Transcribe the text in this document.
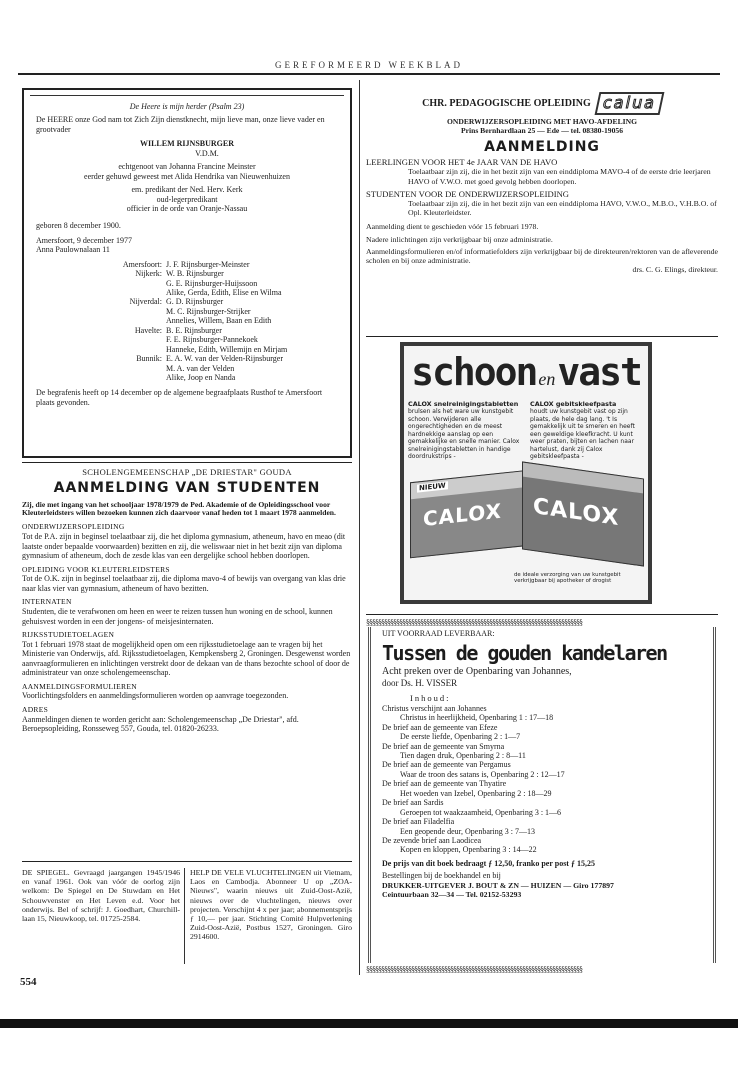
GEREFORMEERD WEEKBLAD

De Heere is mijn herder (Psalm 23)

De HEERE onze God nam tot Zich Zijn dienstknecht, mijn lieve man, onze lieve vader en grootvader

WILLEM RIJNSBURGER

V.D.M.

echtgenoot van Johanna Francine Meinster

eerder gehuwd geweest met Alida Hendrika van Nieuwenhuizen

em. predikant der Ned. Herv. Kerk

oud-legerpredikant

officier in de orde van Oranje-Nassau

geboren 8 december 1900.

Amersfoort, 9 december 1977

Anna Paulownalaan 11

Amersfoort:	J. F. Rijnsburger-Meinster

Nijkerk:	W. B. Rijnsburger
G. E. Rijnsburger-Huijssoon
Alike, Gerda, Edith, Elise en Wilma

Nijverdal:	G. D. Rijnsburger
M. C. Rijnsburger-Strijker
Annelies, Willem, Baan en Edith

Havelte:	B. E. Rijnsburger
F. E. Rijnsburger-Pannekoek
Hanneke, Edith, Willemijn en Mirjam

Bunnik:	E. A. W. van der Velden-Rijnsburger
M. A. van der Velden
Alike, Joop en Nanda

De begrafenis heeft op 14 december op de algemene begraafplaats Rusthof te Amersfoort plaats gevonden.

SCHOLENGEMEENSCHAP „DE DRIESTAR" GOUDA

AANMELDING VAN STUDENTEN

Zij, die met ingang van het schooljaar 1978/1979 de Ped. Akademie of de Opleidingsschool voor Kleuterleidsters willen bezoeken kunnen zich daarvoor vanaf heden tot 1 maart 1978 aanmelden.

ONDERWIJZERSOPLEIDING

Tot de P.A. zijn in beginsel toelaatbaar zij, die het diploma gymnasium, atheneum, havo en meao (dit laatste onder bepaalde voorwaarden) bezitten en zij, die weliswaar niet in het bezit zijn van diploma gymnasium of atheneum, doch de zesde klas van een dergelijke school hebben doorlopen.

OPLEIDING VOOR KLEUTERLEIDSTERS

Tot de O.K. zijn in beginsel toelaatbaar zij, die diploma mavo-4 of bewijs van overgang van klas drie naar klas vier van gymnasium, atheneum of havo bezitten.

INTERNATEN

Studenten, die te verafwonen om heen en weer te reizen tussen hun woning en de school, kunnen gehuisvest worden in een der jongens- of meisjesinternaten.

RIJKSSTUDIETOELAGEN

Tot 1 februari 1978 staat de mogelijkheid open om een rijksstudietoelage aan te vragen bij het Ministerie van Onderwijs, afd. Rijksstudietoelagen, Kempkensberg 2, Groningen. Desgewenst worden aanvraagformulieren en inlichtingen verstrekt door de dekaan van de thans bezochte school of door de administrateur van onze scholengemeenschap.

AANMELDINGSFORMULIEREN

Voorlichtingsfolders en aanmeldingsformulieren worden op aanvrage toegezonden.

ADRES

Aanmeldingen dienen te worden gericht aan: Scholengemeenschap „De Driestar", afd. Beroepsopleiding, Ronsseweg 557, Gouda, tel. 01820-26233.

DE SPIEGEL. Gevraagd jaargangen 1945/1946 en vanaf 1961. Ook van vóór de oorlog zijn welkom: De Spiegel en De Stuwdam en Het Schouwvenster en Het Leven e.d. Voor het onderwijs. Bel of schrijf: J. Goedhart, Churchill-laan 15, Nieuwkoop, tel. 01725-2584.

HELP DE VELE VLUCHTELINGEN uit Vietnam, Laos en Cambodja. Abonneer U op „ZOA-Nieuws", waarin nieuws uit Zuid-Oost-Azië, nieuws over de vluchtelingen, nieuws over projecten. Verschijnt 4 x per jaar; abonnementsprijs ƒ 10,— per jaar. Stichting Comité Hulpverlening Zuid-Oost-Azië, Postbus 1527, Groningen. Giro 2914600.

554
CHR. PEDAGOGISCHE OPLEIDING calua

ONDERWIJZERSOPLEIDING MET HAVO-AFDELING

Prins Bernhardlaan 25 — Ede — tel. 08380-19056

AANMELDING

LEERLINGEN VOOR HET 4e JAAR VAN DE HAVO

Toelaatbaar zijn zij, die in het bezit zijn van een einddiploma MAVO-4 of de eerste drie leerjaren HAVO of V.W.O. met goed gevolg hebben doorlopen.

STUDENTEN VOOR DE ONDERWIJZERSOPLEIDING

Toelaatbaar zijn zij, die in het bezit zijn van een einddiploma HAVO, V.W.O., M.B.O., V.H.B.O. of Opl. Kleuterleidster.

Aanmelding dient te geschieden vóór 15 februari 1978.

Nadere inlichtingen zijn verkrijgbaar bij onze administratie.

Aanmeldingsformulieren en/of informatiefolders zijn verkrijgbaar bij de direkteuren/rektoren van de afleverende scholen en bij onze administratie.

drs. C. G. Elings, direkteur.

schoon en vast

CALOX snelreinigingstabletten

brulsen als het ware uw kunstgebit schoon. Verwijderen alle ongerechtigheden en de meest hardnekkige aanslag op een gemakkelijke en snelle manier. Calox snelreinigingstabletten in handige doordrukstrips -

CALOX gebitskleefpasta

houdt uw kunstgebit vast op zijn plaats, de hele dag lang. 't Is gemakkelijk uit te smeren en heeft een geweldige kleefkracht. U kunt weer praten, bijten en lachen naar hartelust, dank zij Calox gebitskleefpasta -

NIEUW
CALOX CALOX

de ideale verzorging van uw kunstgebit

verkrijgbaar bij apotheker of drogist

§§§§§§§§§§§§§§§§§§§§§§§§§§§§§§§§§§§§§§§§§§§§§§§§§§§§§§§§§§§§§§§§§§§§§§§§
§§§§§§§§§§§§§§§§§§§§§§§§§§§§§§§§§§§§§§§§§§§§§§§§§§§§§§§§§§§§§§§§§§§§§§§§

UIT VOORRAAD LEVERBAAR:

Tussen de gouden kandelaren

Acht preken over de Openbaring van Johannes,

door Ds. H. VISSER

Inhoud:

Christus verschijnt aan Johannes

Christus in heerlijkheid, Openbaring 1 : 17—18

De brief aan de gemeente van Efeze

De eerste liefde, Openbaring 2 : 1—7

De brief aan de gemeente van Smyrna

Tien dagen druk, Openbaring 2 : 8—11

De brief aan de gemeente van Pergamus

Waar de troon des satans is, Openbaring 2 : 12—17

De brief aan de gemeente van Thyatire

Het woeden van Izebel, Openbaring 2 : 18—29

De brief aan Sardis

Geroepen tot waakzaamheid, Openbaring 3 : 1—6

De brief aan Filadelfia

Een geopende deur, Openbaring 3 : 7—13

De zevende brief aan Laodicea

Kopen en kloppen, Openbaring 3 : 14—22

De prijs van dit boek bedraagt ƒ 12,50, franko per post ƒ 15,25

Bestellingen bij de boekhandel en bij

DRUKKER-UITGEVER J. BOUT & ZN — HUIZEN — Giro 177897

Ceintuurbaan 32—34 — Tel. 02152-53293
